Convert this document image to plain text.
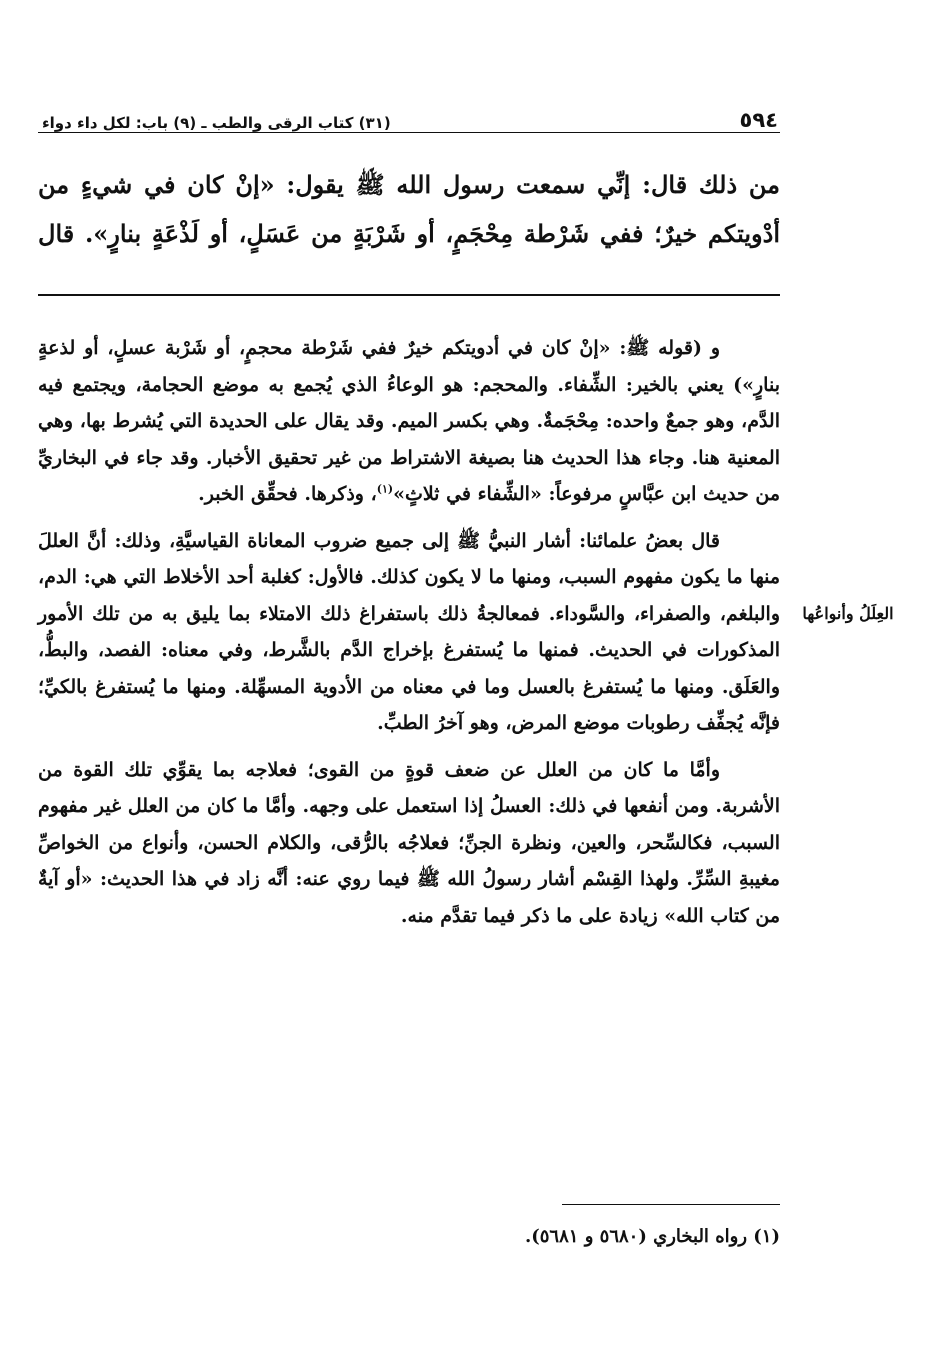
٥٩٤
(٣١) كتاب الرقى والطب ـ (٩) باب: لكل داء دواء

من ذلك قال: إنِّي سمعت رسول الله ﷺ يقول: «إنْ كان في شيءٍ من

أدْويتكم خيرٌ؛ ففي شَرْطة مِحْجَمٍ، أو شَرْبَةٍ من عَسَلٍ، أو لَذْعَةٍ بنارٍ». قال

و (قوله ﷺ: «إنْ كان في أدويتكم خيرٌ ففي شَرْطة محجمٍ، أو شَرْبة عسلٍ، أو لذعةٍ بنارٍ») يعني بالخير: الشِّفاء. والمحجم: هو الوعاءُ الذي يُجمع به موضع الحجامة، ويجتمع فيه الدَّم، وهو جمعٌ واحده: مِحْجَمةٌ. وهي بكسر الميم. وقد يقال على الحديدة التي يُشرط بها، وهي المعنية هنا. وجاء هذا الحديث هنا بصيغة الاشتراط من غير تحقيق الأخبار. وقد جاء في البخاريِّ من حديث ابن عبَّاسٍ مرفوعاً: «الشِّفاء في ثلاثٍ»$^{(١)}$، وذكرها. فحقِّق الخبر.

قال بعضُ علمائنا: أشار النبيُّ ﷺ إلى جميع ضروب المعاناة القياسيَّةِ، وذلك: أنَّ العللَ منها ما يكون مفهوم السبب، ومنها ما لا يكون كذلك. فالأول: كغلبة أحد الأخلاط التي هي: الدم، والبلغم، والصفراء، والسَّوداء. فمعالجةُ ذلك باستفراغ ذلك الامتلاء بما يليق به من تلك الأمور المذكورات في الحديث. فمنها ما يُستفرغ بإخراج الدَّم بالشَّرط، وفي معناه: الفصد، والبطُّ، والعَلَق. ومنها ما يُستفرغ بالعسل وما في معناه من الأدوية المسهِّلة. ومنها ما يُستفرغ بالكيِّ؛ فإنَّه يُجفِّف رطوبات موضع المرض، وهو آخرُ الطبِّ.

وأمَّا ما كان من العلل عن ضعف قوةٍ من القوى؛ فعلاجه بما يقوِّي تلك القوة من الأشربة. ومن أنفعها في ذلك: العسلُ إذا استعمل على وجهه. وأمَّا ما كان من العلل غير مفهوم السبب، فكالسِّحر، والعين، ونظرة الجنِّ؛ فعلاجُه بالرُّقى، والكلام الحسن، وأنواع من الخواصِّ مغيبةِ السِّرِّ. ولهذا القِسْم أشار رسولُ الله ﷺ فيما روي عنه: أنَّه زاد في هذا الحديث: «أو آيةٌ من كتاب الله» زيادة على ما ذكر فيما تقدَّم منه.

العِلَلُ وأنواعُها
(١) رواه البخاري (٥٦٨٠ و ٥٦٨١).
